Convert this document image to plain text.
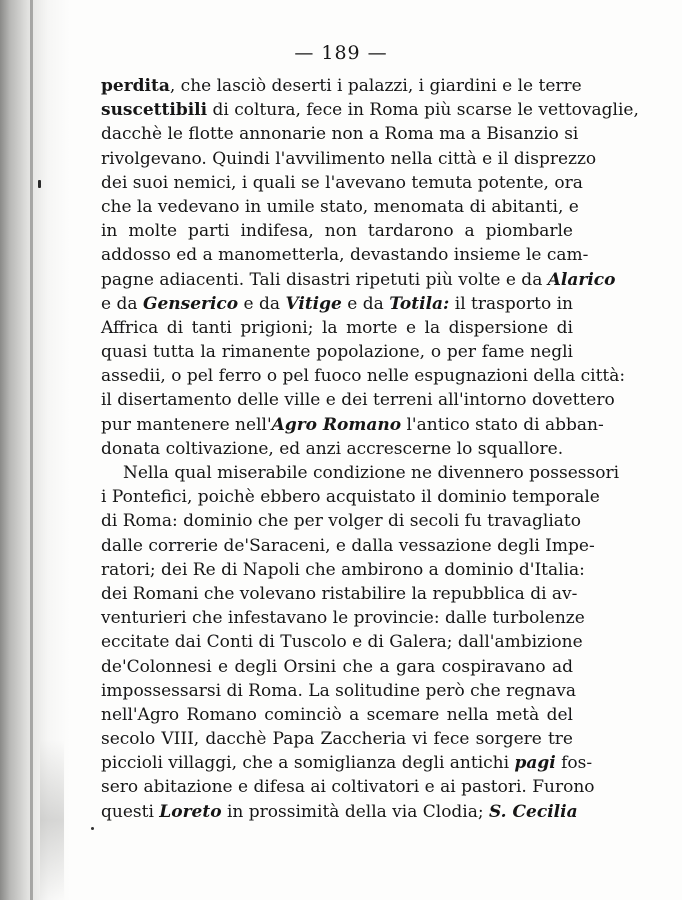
— 189 —
perdita, che lasciò deserti i palazzi, i giardini e le terre
suscettibili di coltura, fece in Roma più scarse le vettovaglie,
dacchè le flotte annonarie non a Roma ma a Bisanzio si
rivolgevano. Quindi l'avvilimento nella città e il disprezzo
dei suoi nemici, i quali se l'avevano temuta potente, ora
che la vedevano in umile stato, menomata di abitanti, e
in molte parti indifesa, non tardarono a piombarle
addosso ed a manometterla, devastando insieme le cam-
pagne adiacenti. Tali disastri ripetuti più volte e da Alarico
e da Genserico e da Vitige e da Totila: il trasporto in
Affrica di tanti prigioni; la morte e la dispersione di
quasi tutta la rimanente popolazione, o per fame negli
assedii, o pel ferro o pel fuoco nelle espugnazioni della città:
il disertamento delle ville e dei terreni all'intorno dovettero
pur mantenere nell'Agro Romano l'antico stato di abban-
donata coltivazione, ed anzi accrescerne lo squallore.
Nella qual miserabile condizione ne divennero possessori
i Pontefici, poichè ebbero acquistato il dominio temporale
di Roma: dominio che per volger di secoli fu travagliato
dalle correrie de'Saraceni, e dalla vessazione degli Impe-
ratori; dei Re di Napoli che ambirono a dominio d'Italia:
dei Romani che volevano ristabilire la repubblica di av-
venturieri che infestavano le provincie: dalle turbolenze
eccitate dai Conti di Tuscolo e di Galera; dall'ambizione
de'Colonnesi e degli Orsini che a gara cospiravano ad
impossessarsi di Roma. La solitudine però che regnava
nell'Agro Romano cominciò a scemare nella metà del
secolo VIII, dacchè Papa Zaccheria vi fece sorgere tre
piccioli villaggi, che a somiglianza degli antichi pagi fos-
sero abitazione e difesa ai coltivatori e ai pastori. Furono
questi Loreto in prossimità della via Clodia; S. Cecilia
